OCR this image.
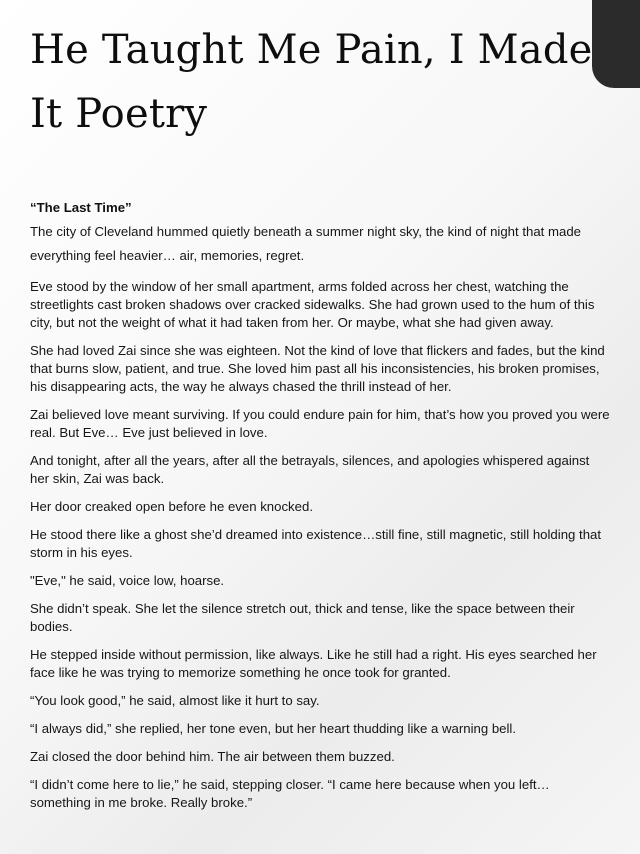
He Taught Me Pain, I Made It Poetry
“The Last Time”

The city of Cleveland hummed quietly beneath a summer night sky, the kind of night that made everything feel heavier… air, memories, regret.

Eve stood by the window of her small apartment, arms folded across her chest, watching the streetlights cast broken shadows over cracked sidewalks. She had grown used to the hum of this city, but not the weight of what it had taken from her. Or maybe, what she had given away.

She had loved Zai since she was eighteen. Not the kind of love that flickers and fades, but the kind that burns slow, patient, and true. She loved him past all his inconsistencies, his broken promises, his disappearing acts, the way he always chased the thrill instead of her.

Zai believed love meant surviving. If you could endure pain for him, that’s how you proved you were real. But Eve… Eve just believed in love.

And tonight, after all the years, after all the betrayals, silences, and apologies whispered against her skin, Zai was back.

Her door creaked open before he even knocked.

He stood there like a ghost she’d dreamed into existence…still fine, still magnetic, still holding that storm in his eyes.

"Eve," he said, voice low, hoarse.

She didn’t speak. She let the silence stretch out, thick and tense, like the space between their bodies.

He stepped inside without permission, like always. Like he still had a right. His eyes searched her face like he was trying to memorize something he once took for granted.

“You look good,” he said, almost like it hurt to say.

“I always did,” she replied, her tone even, but her heart thudding like a warning bell.

Zai closed the door behind him. The air between them buzzed.

“I didn’t come here to lie,” he said, stepping closer. “I came here because when you left… something in me broke. Really broke.”
